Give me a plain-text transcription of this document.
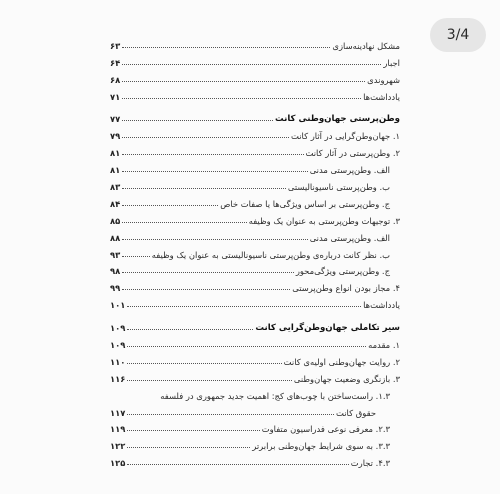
مشکل نهادینه‌سازی
۶۳
اجبار
۶۴
شهروندی
۶۸
یادداشت‌ها
۷۱
وطن‌پرستی جهان‌وطنی کانت
۷۷
۱. جهان‌وطن‌گرایی در آثار کانت
۷۹
۲. وطن‌پرستی در آثار کانت
۸۱
الف. وطن‌پرستی مدنی
۸۱
ب. وطن‌پرستی ناسیونالیستی
۸۳
ج. وطن‌پرستی بر اساس ویژگی‌ها یا صفات خاص
۸۴
۳. توجیهات وطن‌پرستی به عنوان یک وظیفه
۸۵
الف. وطن‌پرستی مدنی
۸۸
ب. نظر کانت درباره‌ی وطن‌پرستی ناسیونالیستی به عنوان یک وظیفه
۹۳
ج. وطن‌پرستی ویژگی‌محور
۹۸
۴. مجاز بودن انواع وطن‌پرستی
۹۹
یادداشت‌ها
۱۰۱
سیر تکاملی جهان‌وطن‌گرایی کانت
۱۰۹
۱. مقدمه
۱۰۹
۲. روایت جهان‌وطنی اولیه‌ی کانت
۱۱۰
۳. بازنگری وضعیت جهان‌وطنی
۱۱۶
۱.۳. راست‌ساختن با چوب‌های کج: اهمیت جدید جمهوری در فلسفه
حقوق کانت
۱۱۷
۲.۳. معرفی نوعی فدراسیون متفاوت
۱۱۹
۳.۳. به سوی شرایط جهان‌وطنی برابرتر
۱۲۲
۴.۳. تجارت
۱۲۵
3/4
